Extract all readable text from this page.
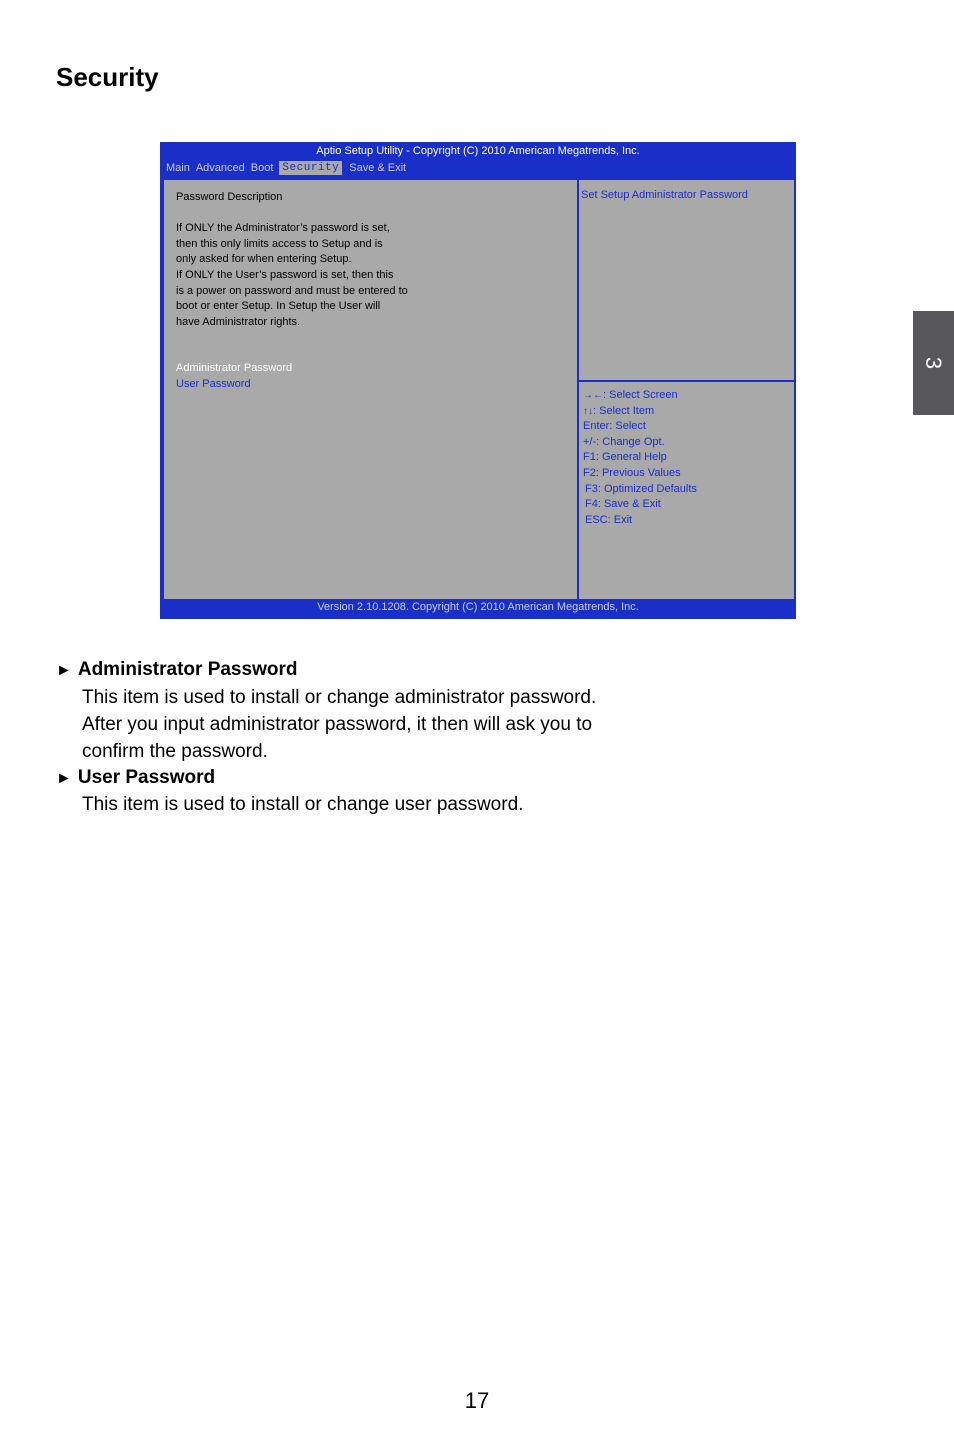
Security
3
Aptio Setup Utility - Copyright (C) 2010 American Megatrends, Inc.
Main Advanced Boot Security Save & Exit
Password Description
If ONLY the Administrator’s password is set,
then this only limits access to Setup and is
only asked for when entering Setup.
If ONLY the User’s password is set, then this
is a power on password and must be entered to
boot or enter Setup. In Setup the User will
have Administrator rights.
Administrator Password
User Password
Set Setup Administrator Password
→←: Select Screen
↑↓: Select Item
Enter: Select
+/-: Change Opt.
F1: General Help
F2: Previous Values
F3: Optimized Defaults
F4: Save & Exit
ESC: Exit
Version 2.10.1208. Copyright (C) 2010 American Megatrends, Inc.
► Administrator Password
This item is used to install or change administrator password.
After you input administrator password, it then will ask you to
confirm the password.
► User Password
This item is used to install or change user password.
17
